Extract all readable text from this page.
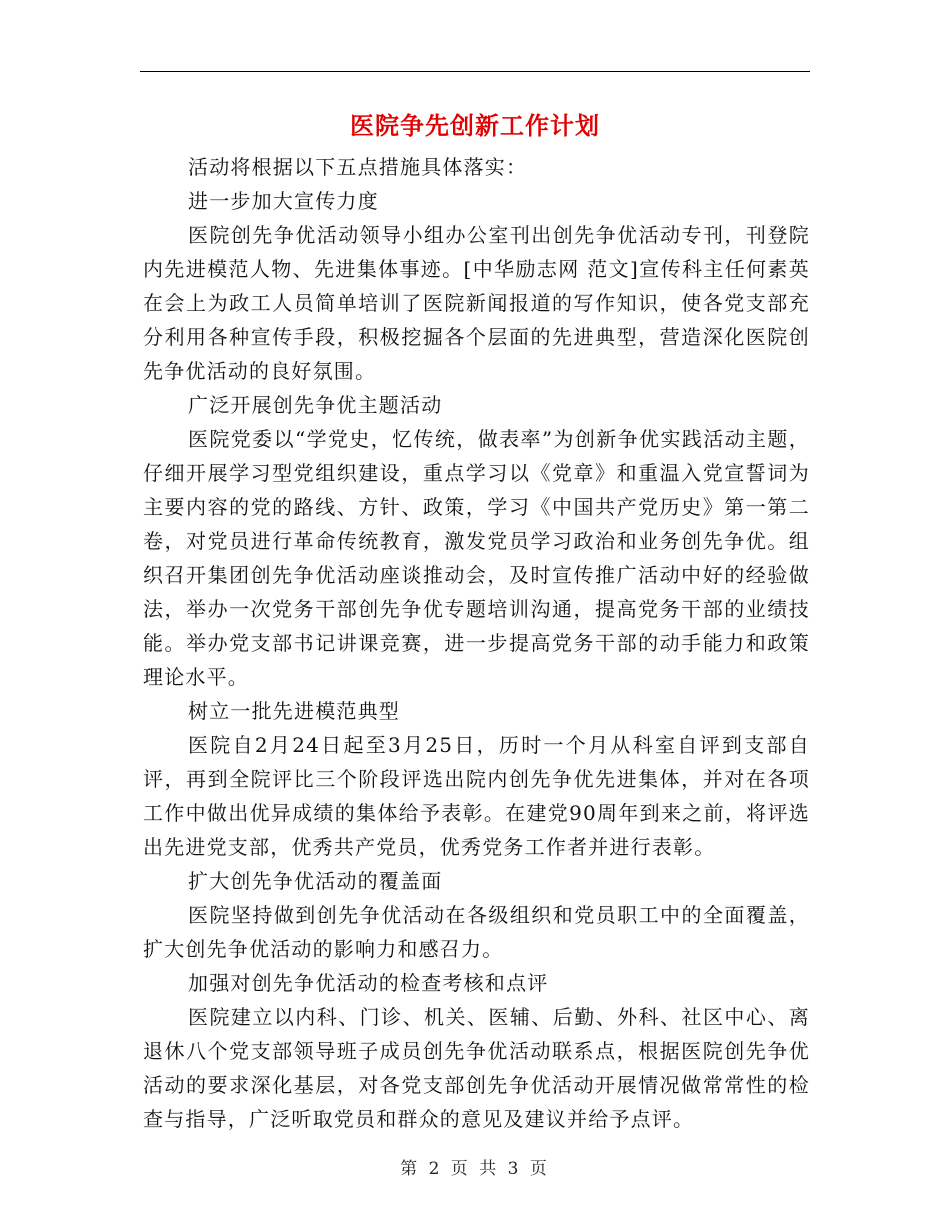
医院争先创新工作计划

活动将根据以下五点措施具体落实：

进一步加大宣传力度

医院创先争优活动领导小组办公室刊出创先争优活动专刊，刊登院内先进模范人物、先进集体事迹。[中华励志网 范文]宣传科主任何素英在会上为政工人员简单培训了医院新闻报道的写作知识，使各党支部充分利用各种宣传手段，积极挖掘各个层面的先进典型，营造深化医院创先争优活动的良好氛围。

广泛开展创先争优主题活动

医院党委以“学党史，忆传统，做表率”为创新争优实践活动主题，仔细开展学习型党组织建设，重点学习以《党章》和重温入党宣誓词为主要内容的党的路线、方针、政策，学习《中国共产党历史》第一第二卷，对党员进行革命传统教育，激发党员学习政治和业务创先争优。组织召开集团创先争优活动座谈推动会，及时宣传推广活动中好的经验做法，举办一次党务干部创先争优专题培训沟通，提高党务干部的业绩技能。举办党支部书记讲课竞赛，进一步提高党务干部的动手能力和政策理论水平。

树立一批先进模范典型

医院自2月24日起至3月25日，历时一个月从科室自评到支部自评，再到全院评比三个阶段评选出院内创先争优先进集体，并对在各项工作中做出优异成绩的集体给予表彰。在建党90周年到来之前，将评选出先进党支部，优秀共产党员，优秀党务工作者并进行表彰。

扩大创先争优活动的覆盖面

医院坚持做到创先争优活动在各级组织和党员职工中的全面覆盖，扩大创先争优活动的影响力和感召力。

加强对创先争优活动的检查考核和点评

医院建立以内科、门诊、机关、医辅、后勤、外科、社区中心、离退休八个党支部领导班子成员创先争优活动联系点，根据医院创先争优活动的要求深化基层，对各党支部创先争优活动开展情况做常常性的检查与指导，广泛听取党员和群众的意见及建议并给予点评。

第 2 页 共 3 页
